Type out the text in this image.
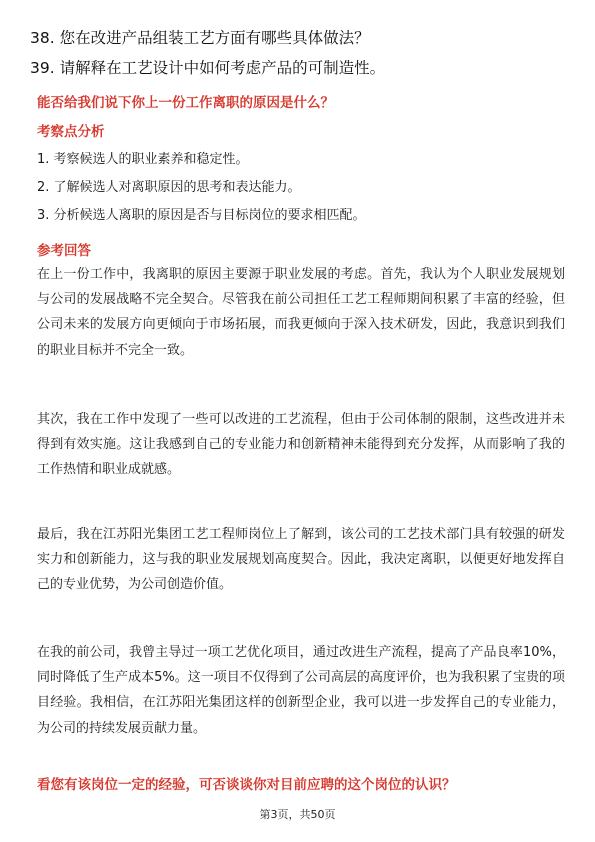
38. 您在改进产品组装工艺方面有哪些具体做法？
39. 请解释在工艺设计中如何考虑产品的可制造性。
能否给我们说下你上一份工作离职的原因是什么？
考察点分析
1. 考察候选人的职业素养和稳定性。
2. 了解候选人对离职原因的思考和表达能力。
3. 分析候选人离职的原因是否与目标岗位的要求相匹配。
参考回答

在上一份工作中，我离职的原因主要源于职业发展的考虑。首先，我认为个人职业发展规划与公司的发展战略不完全契合。尽管我在前公司担任工艺工程师期间积累了丰富的经验，但公司未来的发展方向更倾向于市场拓展，而我更倾向于深入技术研发，因此，我意识到我们的职业目标并不完全一致。

其次，我在工作中发现了一些可以改进的工艺流程，但由于公司体制的限制，这些改进并未得到有效实施。这让我感到自己的专业能力和创新精神未能得到充分发挥，从而影响了我的工作热情和职业成就感。

最后，我在江苏阳光集团工艺工程师岗位上了解到，该公司的工艺技术部门具有较强的研发实力和创新能力，这与我的职业发展规划高度契合。因此，我决定离职，以便更好地发挥自己的专业优势，为公司创造价值。

在我的前公司，我曾主导过一项工艺优化项目，通过改进生产流程，提高了产品良率10%，同时降低了生产成本5%。这一项目不仅得到了公司高层的高度评价，也为我积累了宝贵的项目经验。我相信，在江苏阳光集团这样的创新型企业，我可以进一步发挥自己的专业能力，为公司的持续发展贡献力量。

看您有该岗位一定的经验，可否谈谈你对目前应聘的这个岗位的认识？
第3页，共50页
